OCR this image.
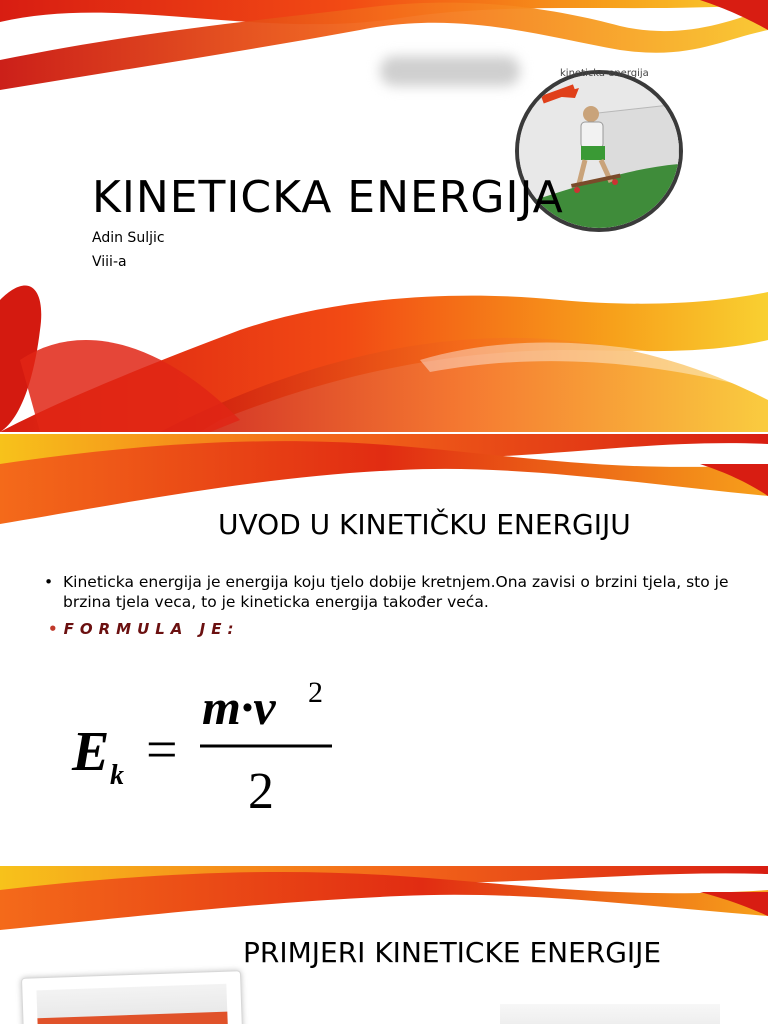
kineticka energija
KINETICKA ENERGIJA
Adin Suljic
Viii-a
UVOD U KINETIČKU ENERGIJU
• Kineticka energija je energija koju tjelo dobije kretnjem.Ona zavisi o brzini tjela, sto je brzina tjela veca, to je kineticka energija također veća.
• FORMULA JE:
E k =
m·v 2
2
PRIMJERI KINETICKE ENERGIJE
